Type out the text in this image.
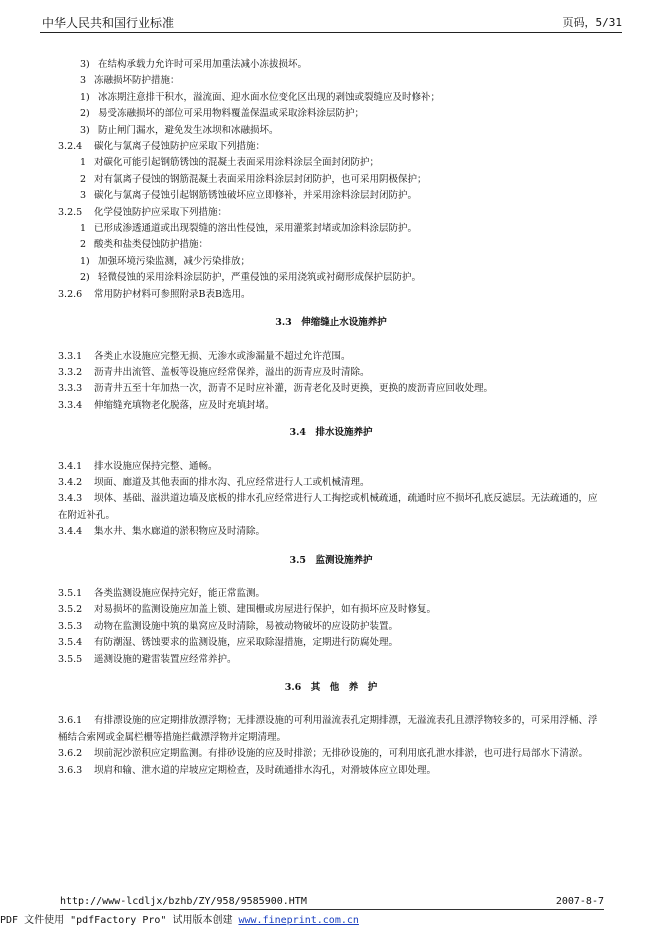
中华人民共和国行业标准	页码，5/31
3) 在结构承载力允许时可采用加重法减小冻拔损坏。
3 冻融损坏防护措施：
1) 冰冻期注意排干积水，溢流面、迎水面水位变化区出现的剥蚀或裂缝应及时修补；
2) 易受冻融损坏的部位可采用物料覆盖保温或采取涂料涂层防护；
3) 防止闸门漏水，避免发生冰坝和冰融损坏。
3.2.4 碳化与氯离子侵蚀防护应采取下列措施：
1 对碳化可能引起钢筋锈蚀的混凝土表面采用涂料涂层全面封闭防护；
2 对有氯离子侵蚀的钢筋混凝土表面采用涂料涂层封闭防护，也可采用阴极保护；
3 碳化与氯离子侵蚀引起钢筋锈蚀破坏应立即修补，并采用涂料涂层封闭防护。
3.2.5 化学侵蚀防护应采取下列措施：
1 已形成渗透通道或出现裂缝的溶出性侵蚀，采用灌浆封堵或加涂料涂层防护。
2 酸类和盐类侵蚀防护措施：
1) 加强环境污染监测，减少污染排放；
2) 轻微侵蚀的采用涂料涂层防护，严重侵蚀的采用浇筑或衬砌形成保护层防护。
3.2.6 常用防护材料可参照附录B表B选用。
3.3　伸缩缝止水设施养护
3.3.1 各类止水设施应完整无损、无渗水或渗漏量不超过允许范围。
3.3.2 沥青井出流管、盖板等设施应经常保养，溢出的沥青应及时清除。
3.3.3 沥青井五至十年加热一次，沥青不足时应补灌，沥青老化及时更换，更换的废沥青应回收处理。
3.3.4 伸缩缝充填物老化脱落，应及时充填封堵。
3.4　排水设施养护
3.4.1 排水设施应保持完整、通畅。
3.4.2 坝面、廊道及其他表面的排水沟、孔应经常进行人工或机械清理。
3.4.3 坝体、基础、溢洪道边墙及底板的排水孔应经常进行人工掏挖或机械疏通，疏通时应不损坏孔底反滤层。无法疏通的，应在附近补孔。
3.4.4 集水井、集水廊道的淤积物应及时清除。
3.5　监测设施养护
3.5.1 各类监测设施应保持完好，能正常监测。
3.5.2 对易损坏的监测设施应加盖上锁、建围栅或房屋进行保护，如有损坏应及时修复。
3.5.3 动物在监测设施中筑的巢窝应及时清除，易被动物破坏的应设防护装置。
3.5.4 有防潮湿、锈蚀要求的监测设施，应采取除湿措施，定期进行防腐处理。
3.5.5 遥测设施的避雷装置应经常养护。
3.6　其　他　养　护
3.6.1 有排漂设施的应定期排放漂浮物；无排漂设施的可利用溢流表孔定期排漂，无溢流表孔且漂浮物较多的，可采用浮桶、浮桶结合索网或金属栏栅等措施拦截漂浮物并定期清理。
3.6.2 坝前泥沙淤积应定期监测。有排砂设施的应及时排淤；无排砂设施的，可利用底孔泄水排淤，也可进行局部水下清淤。
3.6.3 坝肩和输、泄水道的岸坡应定期检查，及时疏通排水沟孔，对滑坡体应立即处理。
http://www-lcdljx/bzhb/ZY/958/9585900.HTM	2007-8-7
PDF 文件使用 "pdfFactory Pro" 试用版本创建 www.fineprint.com.cn
